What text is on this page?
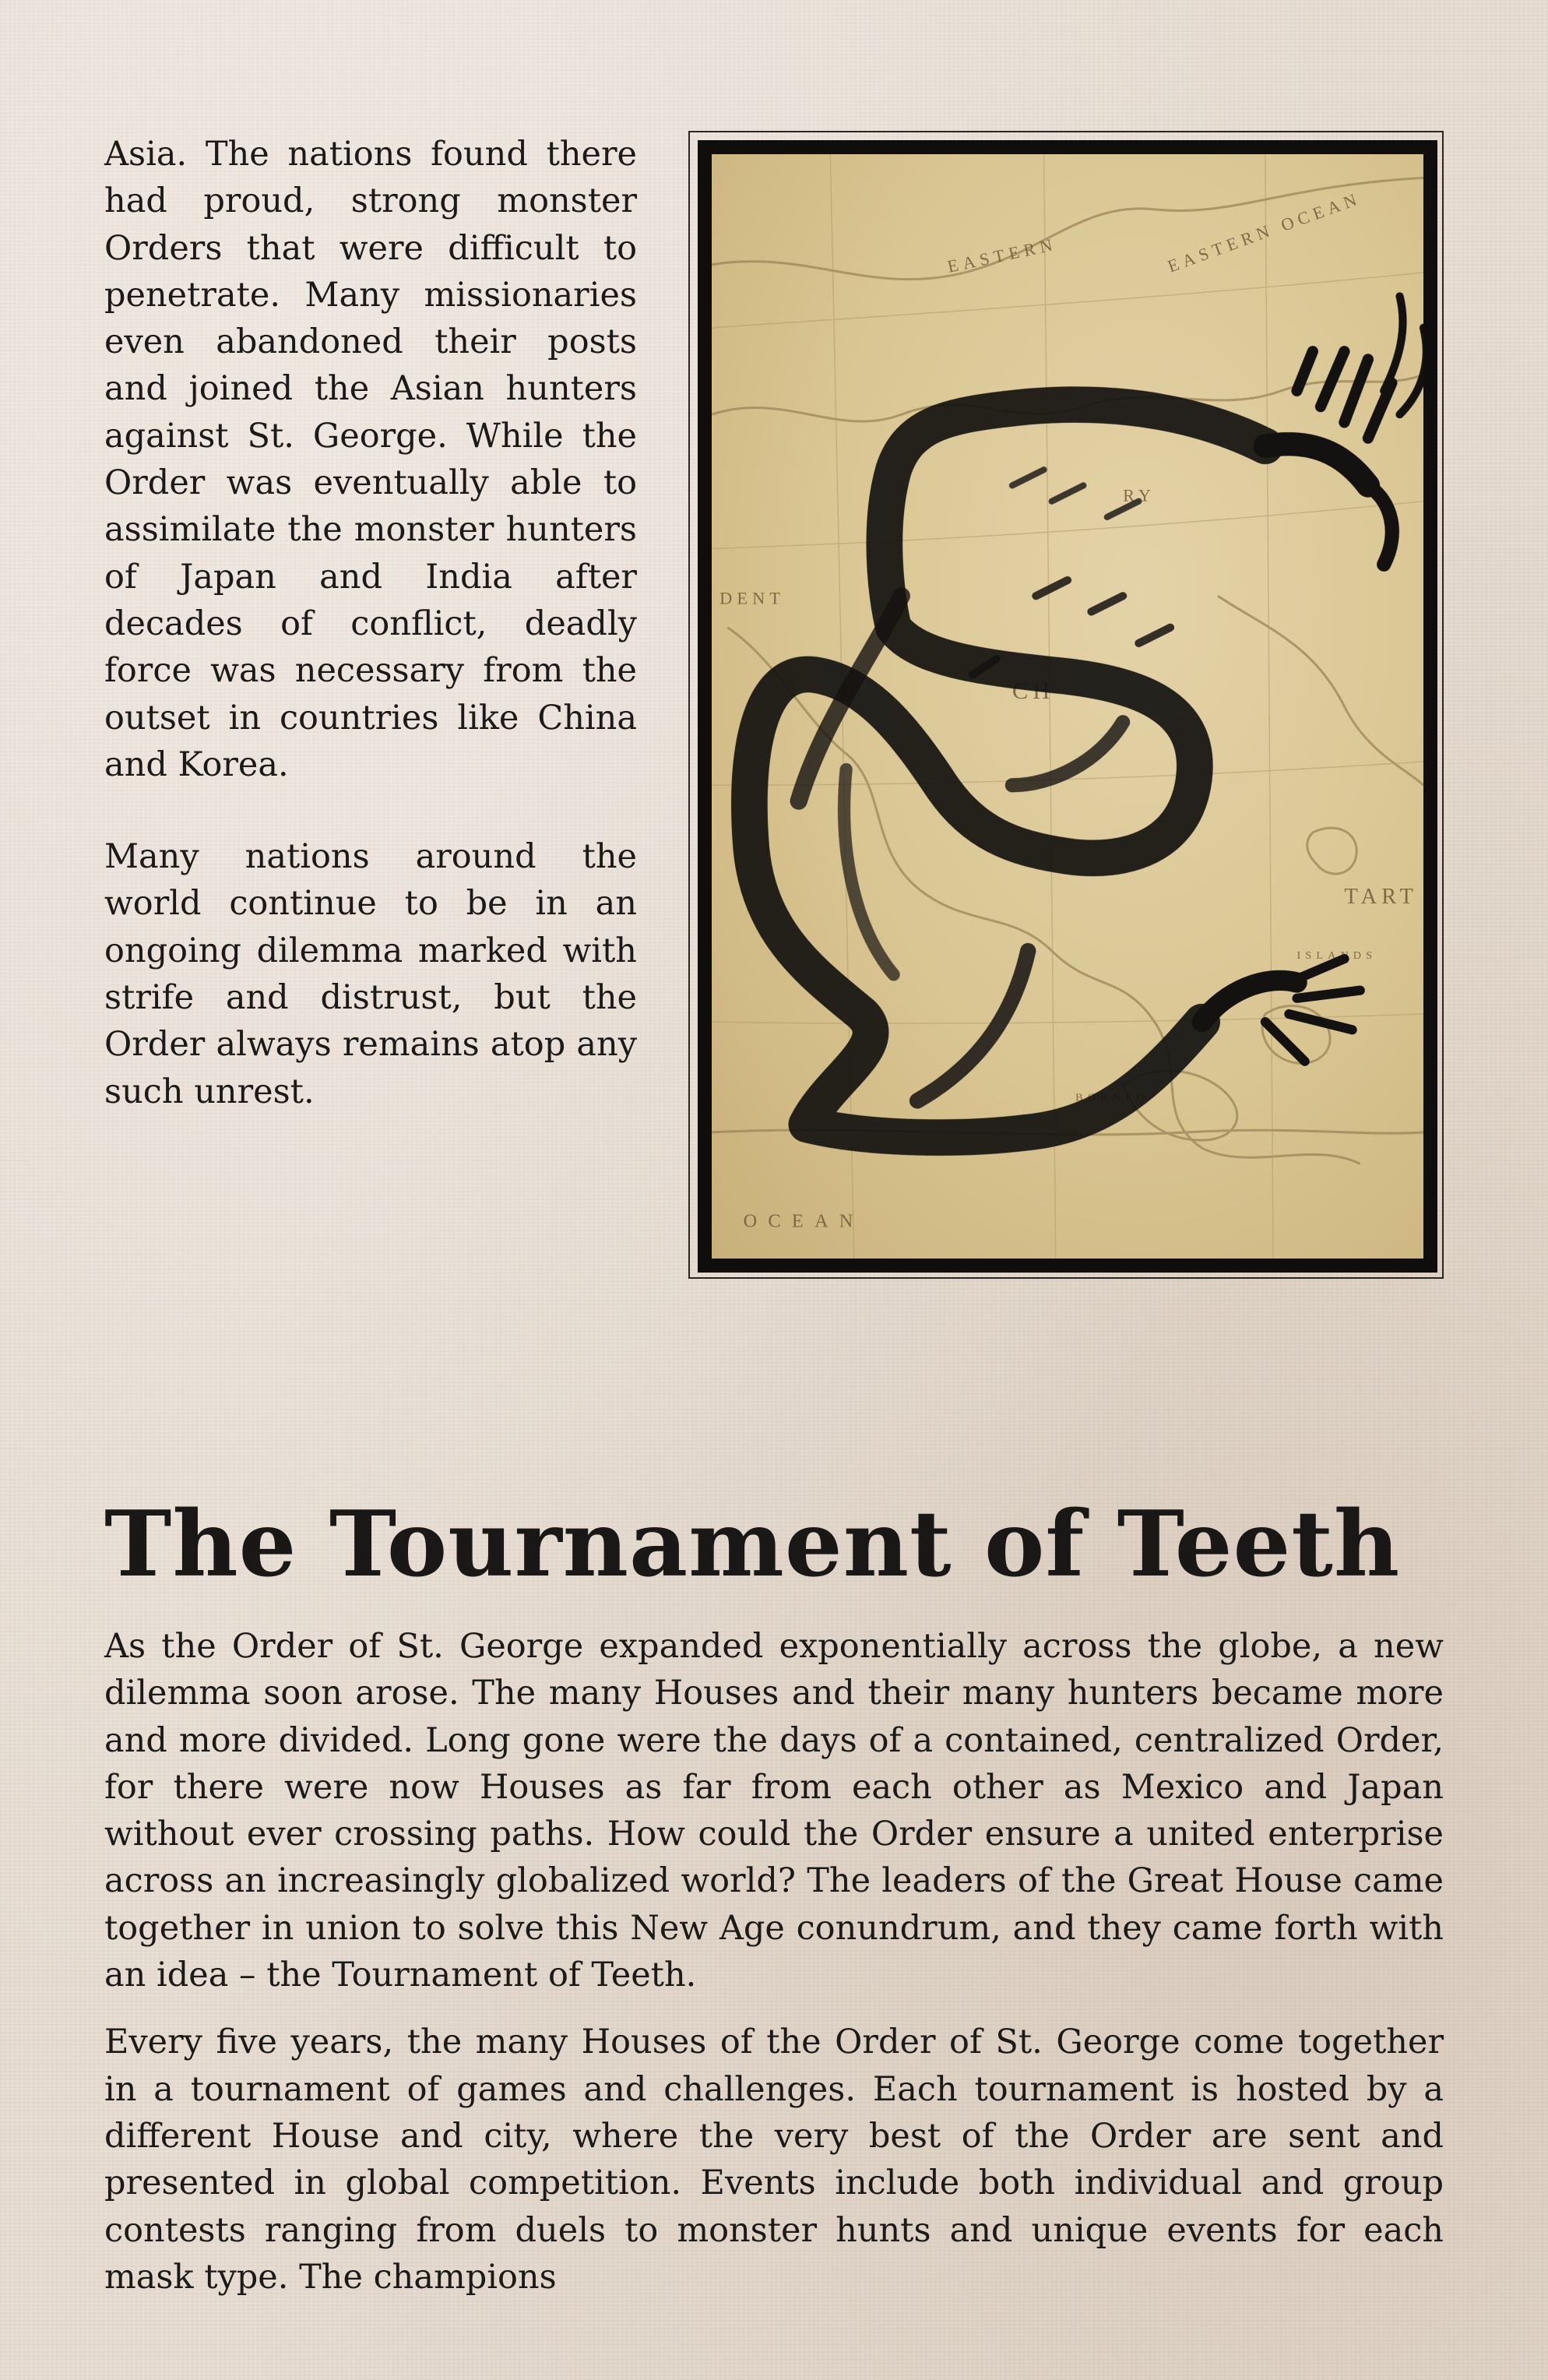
Asia. The nations found there had proud, strong monster Orders that were difficult to penetrate. Many missionaries even abandoned their posts and joined the Asian hunters against St. George. While the Order was eventually able to assimilate the monster hunters of Japan and India after decades of conflict, deadly force was necessary from the outset in countries like China and Korea.

Many nations around the world continue to be in an ongoing dilemma marked with strife and distrust, but the Order always remains atop any such unrest.

EASTERN OCEAN
EASTERN
RY
CH
DENT
TART
ISLANDS
BORNEO
OCEAN
The Tournament of Teeth

As the Order of St. George expanded exponentially across the globe, a new dilemma soon arose. The many Houses and their many hunters became more and more divided. Long gone were the days of a contained, centralized Order, for there were now Houses as far from each other as Mexico and Japan without ever crossing paths. How could the Order ensure a united enterprise across an increasingly globalized world? The leaders of the Great House came together in union to solve this New Age conundrum, and they came forth with an idea – the Tournament of Teeth.

Every five years, the many Houses of the Order of St. George come together in a tournament of games and challenges. Each tournament is hosted by a different House and city, where the very best of the Order are sent and presented in global competition. Events include both individual and group contests ranging from duels to monster hunts and unique events for each mask type. The champions
